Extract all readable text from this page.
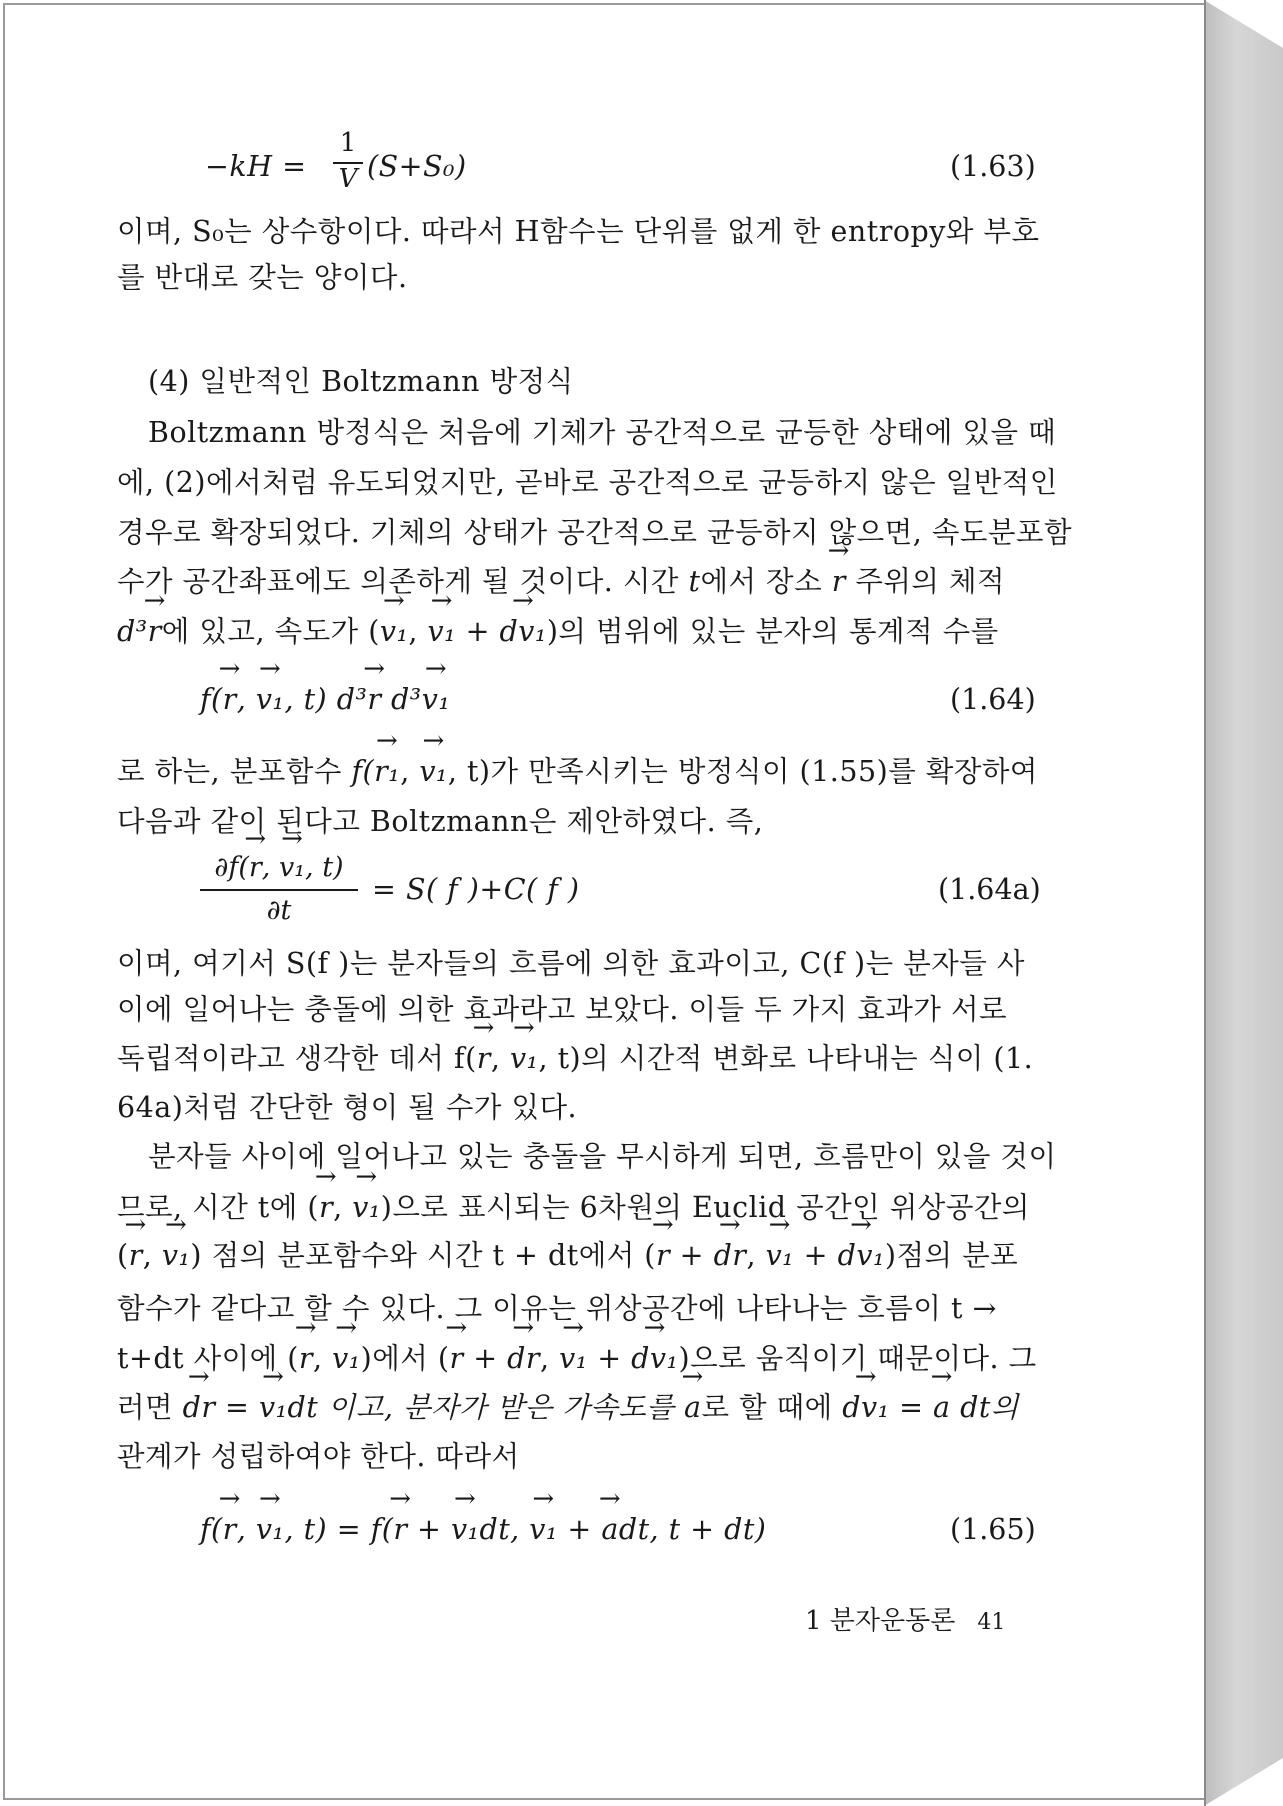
−kH =
1
V (S+S₀)	(1.63)
이며, S₀는 상수항이다. 따라서 H함수는 단위를 없게 한 entropy와 부호
를 반대로 갖는 양이다.
(4) 일반적인 Boltzmann 방정식
Boltzmann 방정식은 처음에 기체가 공간적으로 균등한 상태에 있을 때
에, (2)에서처럼 유도되었지만, 곧바로 공간적으로 균등하지 않은 일반적인
경우로 확장되었다. 기체의 상태가 공간적으로 균등하지 않으면, 속도분포함
수가 공간좌표에도 의존하게 될 것이다. 시간 t에서 장소 → r 주위의 체적
d³→ r에 있고, 속도가 (→ v₁, → v₁ + → dv₁)의 범위에 있는 분자의 통계적 수를
f(→ r, → v₁, t) d³→ r d³→ v₁	(1.64)
로 하는, 분포함수 f(→ r₁, → v₁, t)가 만족시키는 방정식이 (1.55)를 확장하여
다음과 같이 된다고 Boltzmann은 제안하였다. 즉,
∂f(→ r, → v₁, t)
∂t
= S( f )+C( f )	(1.64a)
이며, 여기서 S(f )는 분자들의 흐름에 의한 효과이고, C(f )는 분자들 사
이에 일어나는 충돌에 의한 효과라고 보았다. 이들 두 가지 효과가 서로
독립적이라고 생각한 데서 f(→ r, → v₁, t)의 시간적 변화로 나타내는 식이 (1.
64a)처럼 간단한 형이 될 수가 있다.
분자들 사이에 일어나고 있는 충돌을 무시하게 되면, 흐름만이 있을 것이
므로, 시간 t에 (→ r, → v₁)으로 표시되는 6차원의 Euclid 공간인 위상공간의
(→ r, → v₁) 점의 분포함수와 시간 t + dt에서 (→ r + → dr, → v₁ + → dv₁)점의 분포
함수가 같다고 할 수 있다. 그 이유는 위상공간에 나타나는 흐름이 t →
t+dt 사이에 (→ r, → v₁)에서 (→ r + → dr, → v₁ + → dv₁)으로 움직이기 때문이다. 그
러면 → dr = → v₁dt 이고, 분자가 받은 가속도를 → a로 할 때에 → dv₁ = → a dt의
관계가 성립하여야 한다. 따라서
f(→ r, → v₁, t) = f(→ r + → v₁dt, → v₁ + → adt, t + dt)	(1.65)
1 분자운동론 41
